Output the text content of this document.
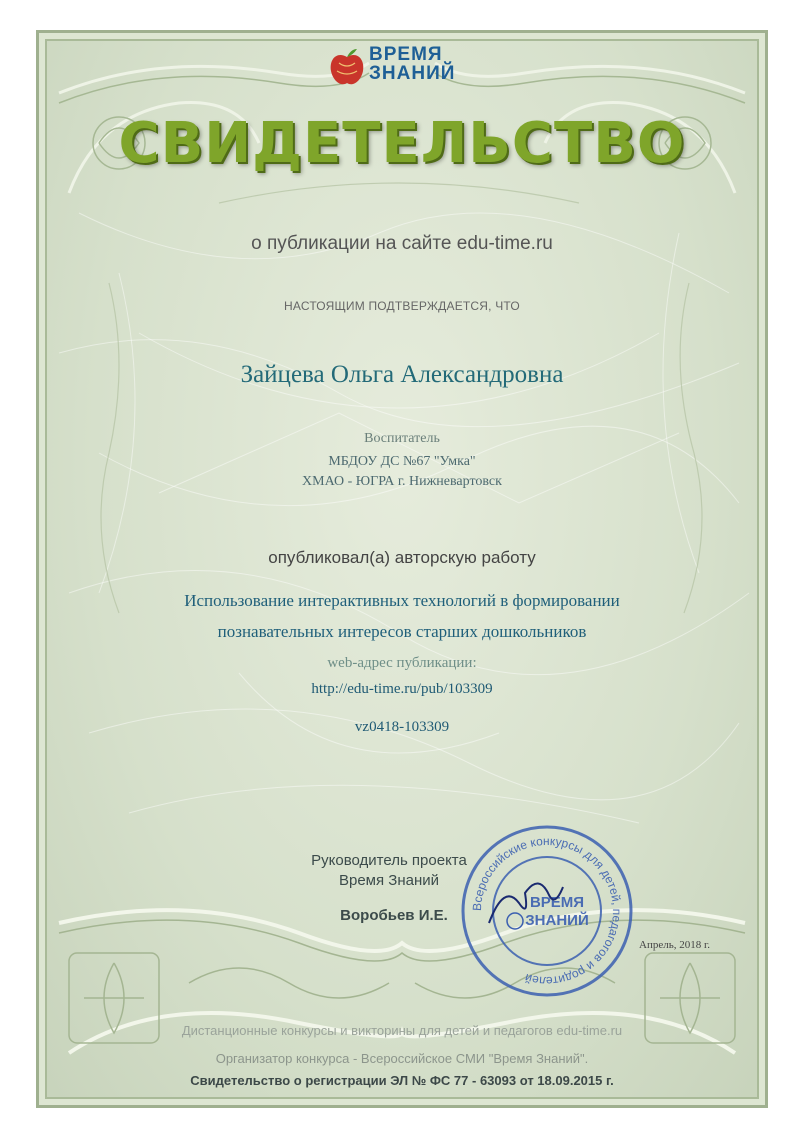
ВРЕМЯ
ЗНАНИЙ
СВИДЕТЕЛЬСТВО
о публикации на сайте edu-time.ru
НАСТОЯЩИМ ПОДТВЕРЖДАЕТСЯ, ЧТО
Зайцева Ольга Александровна
Воспитатель
МБДОУ ДС №67 "Умка"
ХМАО - ЮГРА г. Нижневартовск
опубликовал(а) авторскую работу
Использование интерактивных технологий в формировании
познавательных интересов старших дошкольников
web-адрес публикации:
http://edu-time.ru/pub/103309
vz0418-103309
Руководитель проекта
Время Знаний
Воробьев И.Е.
Всероссийские конкурсы для детей, педагогов и родителей
ВРЕМЯ
ЗНАНИЙ
Апрель, 2018 г.
Дистанционные конкурсы и викторины для детей и педагогов edu-time.ru
Организатор конкурса - Всероссийское СМИ "Время Знаний".
Свидетельство о регистрации ЭЛ № ФС 77 - 63093 от 18.09.2015 г.
